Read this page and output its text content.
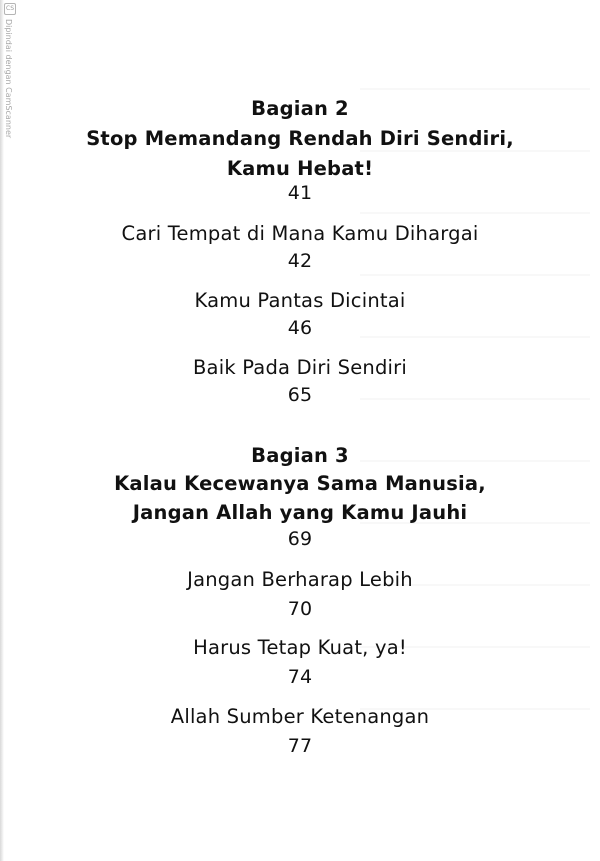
CS
Dipindai dengan CamScanner	Bagian 2
Stop Memandang Rendah Diri Sendiri,
Kamu Hebat!
41
Cari Tempat di Mana Kamu Dihargai
42
Kamu Pantas Dicintai
46
Baik Pada Diri Sendiri
65
Bagian 3
Kalau Kecewanya Sama Manusia,
Jangan Allah yang Kamu Jauhi
69
Jangan Berharap Lebih
70
Harus Tetap Kuat, ya!
74
Allah Sumber Ketenangan
77
